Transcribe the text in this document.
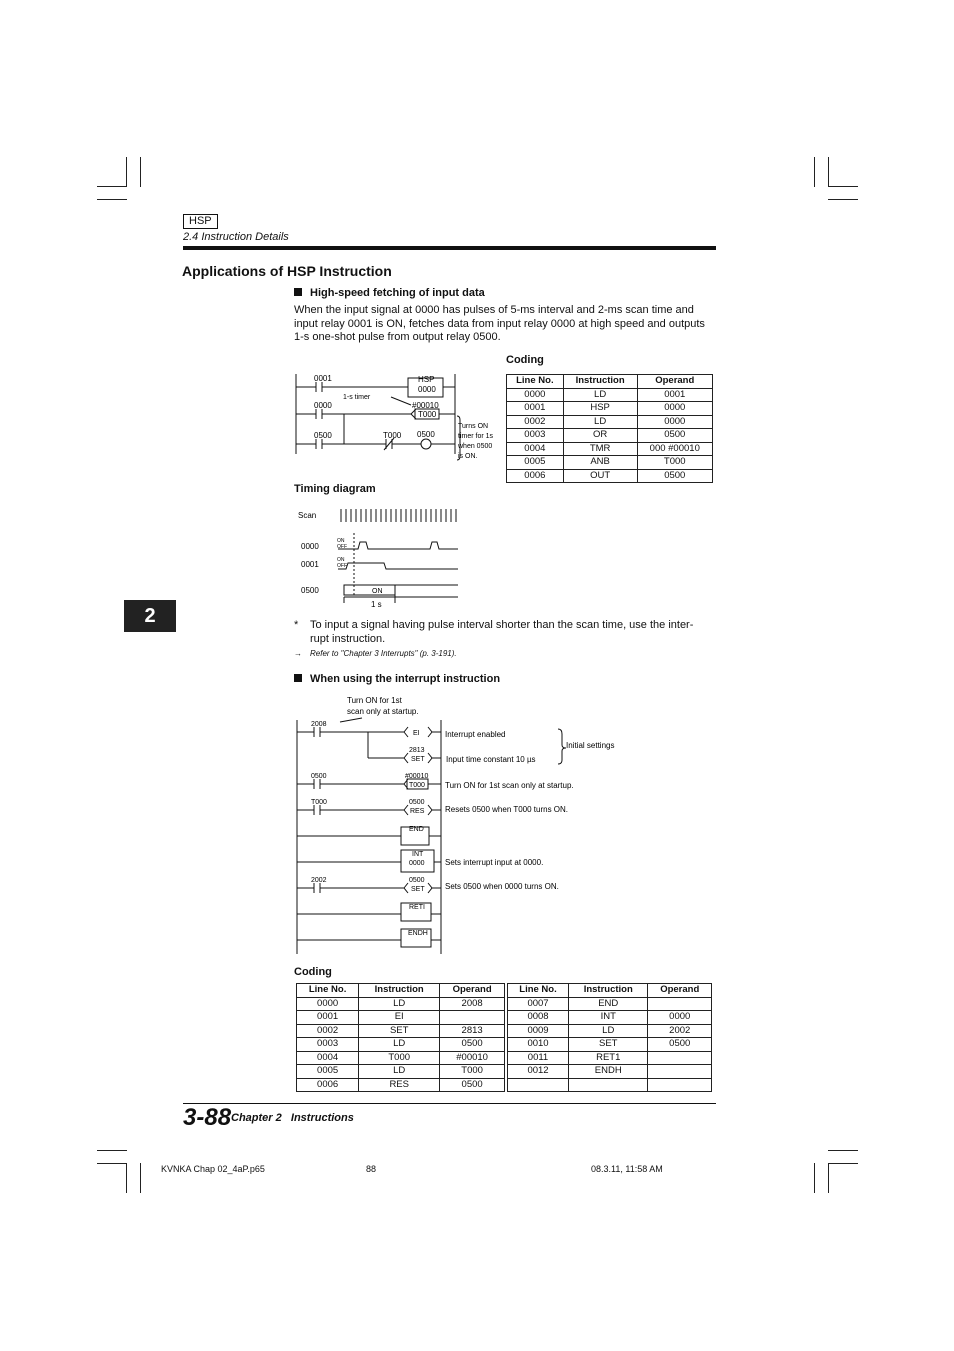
HSP
2.4 Instruction Details
Applications of HSP Instruction
High-speed fetching of input data
When the input signal at 0000 has pulses of 5-ms interval and 2-ms scan time and
input relay 0001 is ON, fetches data from input relay 0000 at high speed and outputs
1-s one-shot pulse from output relay 0500.
0001
0000
0500	T000 0500
HSP
0000
1-s timer
#00010
T000
Turns ON
timer for 1s
when 0500
is ON.
Coding
Line No.	Instruction	Operand
0000	LD	0001
0001	HSP	0000
0002	LD	0000
0003	OR	0500
0004	TMR	000 #00010
0005	ANB	T000
0006	OUT	0500
Timing diagram
Scan
0000
0001
0500
ON
OFF
ON
OFF
ON
1 s
* To input a signal having pulse interval shorter than the scan time, use the inter-
rupt instruction.
→ Refer to "Chapter 3 Interrupts" (p. 3-191).
When using the interrupt instruction
Turn ON for 1st
scan only at startup.
2008
EI	Interrupt enabled
2813
SET	Input time constant 10 µs
Initial settings
0500	#00010
T000	Turn ON for 1st scan only at startup.
T000	0500
RES	Resets 0500 when T000 turns ON.
END
INT
0000	Sets interrupt input at 0000.
2002	0500
SET	Sets 0500 when 0000 turns ON.
RETI
ENDH
Coding
Line No.	Instruction	Operand
0000	LD	2008
0001	EI	
0002	SET	2813
0003	LD	0500
0004	T000	#00010
0005	LD	T000
0006	RES	0500
Line No.	Instruction	Operand
0007	END	
0008	INT	0000
0009	LD	2002
0010	SET	0500
0011	RET1	
0012	ENDH	

2
3-88 Chapter 2   Instructions
KVNKA Chap 02_4aP.p65	88	08.3.11, 11:58 AM
